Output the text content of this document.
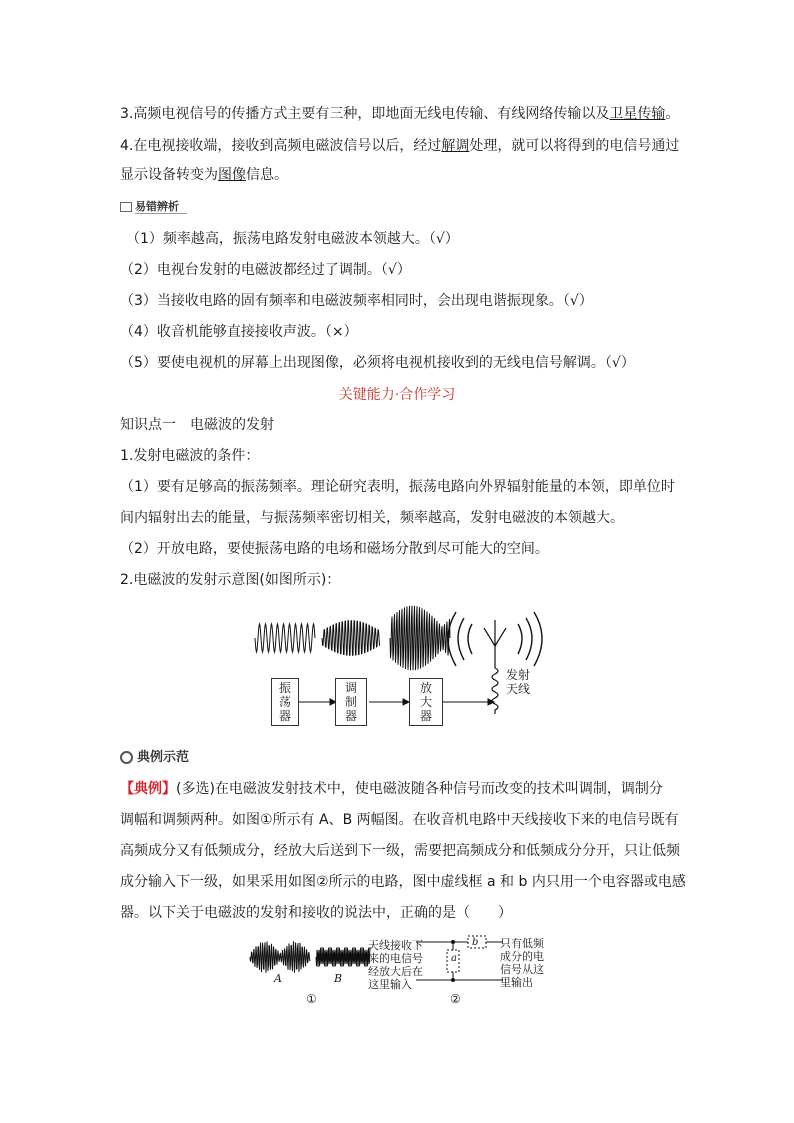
3.高频电视信号的传播方式主要有三种，即地面无线电传输、有线网络传输以及卫星传输。
4.在电视接收端，接收到高频电磁波信号以后，经过解调处理，就可以将得到的电信号通过
显示设备转变为图像信息。
易错辨析
（1）频率越高，振荡电路发射电磁波本领越大。（√）
（2）电视台发射的电磁波都经过了调制。（√）
（3）当接收电路的固有频率和电磁波频率相同时，会出现电谐振现象。（√）
（4）收音机能够直接接收声波。（×）
（5）要使电视机的屏幕上出现图像，必须将电视机接收到的无线电信号解调。（√）
关键能力·合作学习
知识点一　电磁波的发射
1.发射电磁波的条件：
（1）要有足够高的振荡频率。理论研究表明，振荡电路向外界辐射能量的本领，即单位时
间内辐射出去的能量，与振荡频率密切相关，频率越高，发射电磁波的本领越大。
（2）开放电路，要使振荡电路的电场和磁场分散到尽可能大的空间。
2.电磁波的发射示意图(如图所示)：
振
荡
器
调
制
器
放
大
器
发射
天线
典例示范
【典例】(多选)在电磁波发射技术中，使电磁波随各种信号而改变的技术叫调制，调制分
调幅和调频两种。如图①所示有 A、B 两幅图。在收音机电路中天线接收下来的电信号既有
高频成分又有低频成分，经放大后送到下一级，需要把高频成分和低频成分分开，只让低频
成分输入下一级，如果采用如图②所示的电路，图中虚线框 a 和 b 内只用一个电容器或电感
器。以下关于电磁波的发射和接收的说法中，正确的是（　　）
A	B
①	②
a
b
天线接收下
来的电信号
经放大后在
这里输入
只有低频
成分的电
信号从这
里输出
